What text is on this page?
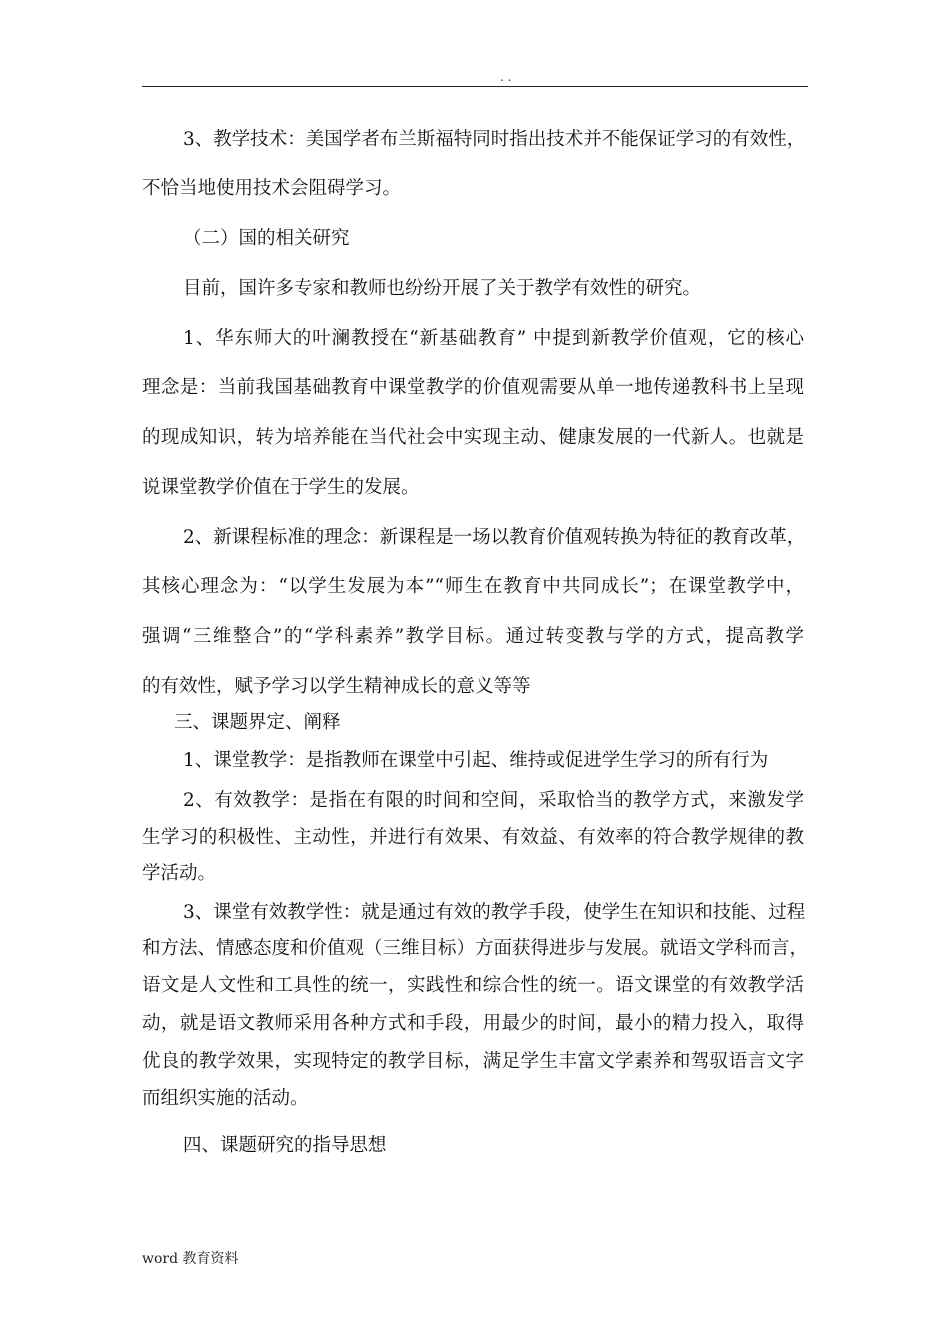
. .
3、教学技术：美国学者布兰斯福特同时指出技术并不能保证学习的有效性，
不恰当地使用技术会阻碍学习。
（二）国的相关研究
目前，国许多专家和教师也纷纷开展了关于教学有效性的研究。
1、华东师大的叶澜教授在“新基础教育” 中提到新教学价值观，它的核心
理念是：当前我国基础教育中课堂教学的价值观需要从单一地传递教科书上呈现
的现成知识，转为培养能在当代社会中实现主动、健康发展的一代新人。也就是
说课堂教学价值在于学生的发展。
2、新课程标准的理念：新课程是一场以教育价值观转换为特征的教育改革，
其核心理念为：“以学生发展为本”“师生在教育中共同成长”；在课堂教学中，
强调“三维整合”的“学科素养”教学目标。通过转变教与学的方式，提高教学
的有效性，赋予学习以学生精神成长的意义等等
三、课题界定、阐释
1、课堂教学：是指教师在课堂中引起、维持或促进学生学习的所有行为
2、有效教学：是指在有限的时间和空间，采取恰当的教学方式，来激发学
生学习的积极性、主动性，并进行有效果、有效益、有效率的符合教学规律的教
学活动。
3、课堂有效教学性：就是通过有效的教学手段，使学生在知识和技能、过程
和方法、情感态度和价值观（三维目标）方面获得进步与发展。就语文学科而言，
语文是人文性和工具性的统一，实践性和综合性的统一。语文课堂的有效教学活
动，就是语文教师采用各种方式和手段，用最少的时间，最小的精力投入，取得
优良的教学效果，实现特定的教学目标，满足学生丰富文学素养和驾驭语言文字
而组织实施的活动。
四、课题研究的指导思想
word 教育资料
